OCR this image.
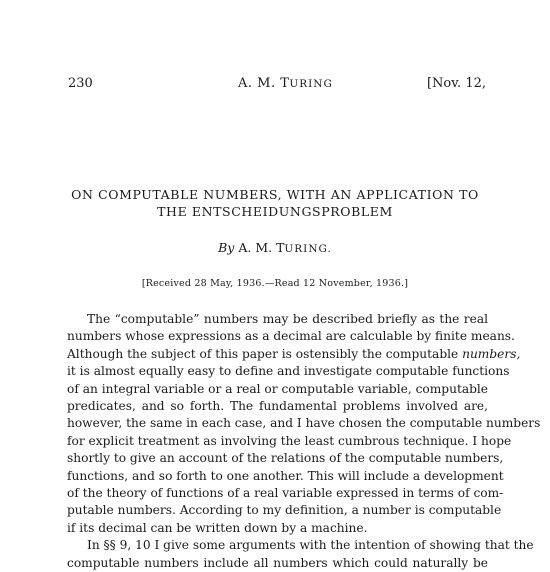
230	A. M. TURING	[Nov. 12,
ON COMPUTABLE NUMBERS, WITH AN APPLICATION TO
THE ENTSCHEIDUNGSPROBLEM
By A. M. TURING.
[Received 28 May, 1936.—Read 12 November, 1936.]
The “computable” numbers may be described briefly as the real
numbers whose expressions as a decimal are calculable by finite means.
Although the subject of this paper is ostensibly the computable numbers,
it is almost equally easy to define and investigate computable functions
of an integral variable or a real or computable variable, computable
predicates, and so forth. The fundamental problems involved are,
however, the same in each case, and I have chosen the computable numbers
for explicit treatment as involving the least cumbrous technique. I hope
shortly to give an account of the relations of the computable numbers,
functions, and so forth to one another. This will include a development
of the theory of functions of a real variable expressed in terms of com-
putable numbers. According to my definition, a number is computable
if its decimal can be written down by a machine.
In §§ 9, 10 I give some arguments with the intention of showing that the
computable numbers include all numbers which could naturally be
